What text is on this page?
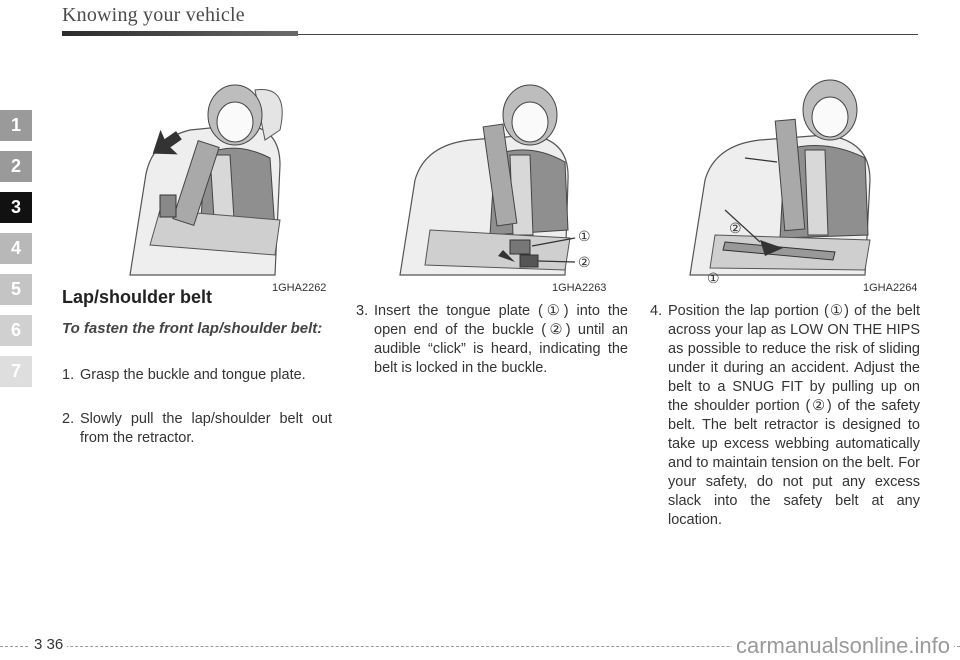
Knowing your vehicle
1
2
3
4
5
6
7
1GHA2262
①
②
1GHA2263
②
①
1GHA2264
Lap/shoulder belt
To fasten the front lap/shoulder belt:
1. Grasp the buckle and tongue plate.
2. Slowly pull the lap/shoulder belt out from the retractor.
3. Insert the tongue plate (①) into the open end of the buckle (②) until an audible “click” is heard, indicating the belt is locked in the buckle.
4. Position the lap portion (①) of the belt across your lap as LOW ON THE HIPS as possible to reduce the risk of sliding under it during an accident. Adjust the belt to a SNUG FIT by pulling up on the shoulder portion (②) of the safety belt. The belt retractor is designed to take up excess webbing automatically and to maintain tension on the belt. For your safety, do not put any excess slack into the safety belt at any location.
3 36	carmanualsonline.info
